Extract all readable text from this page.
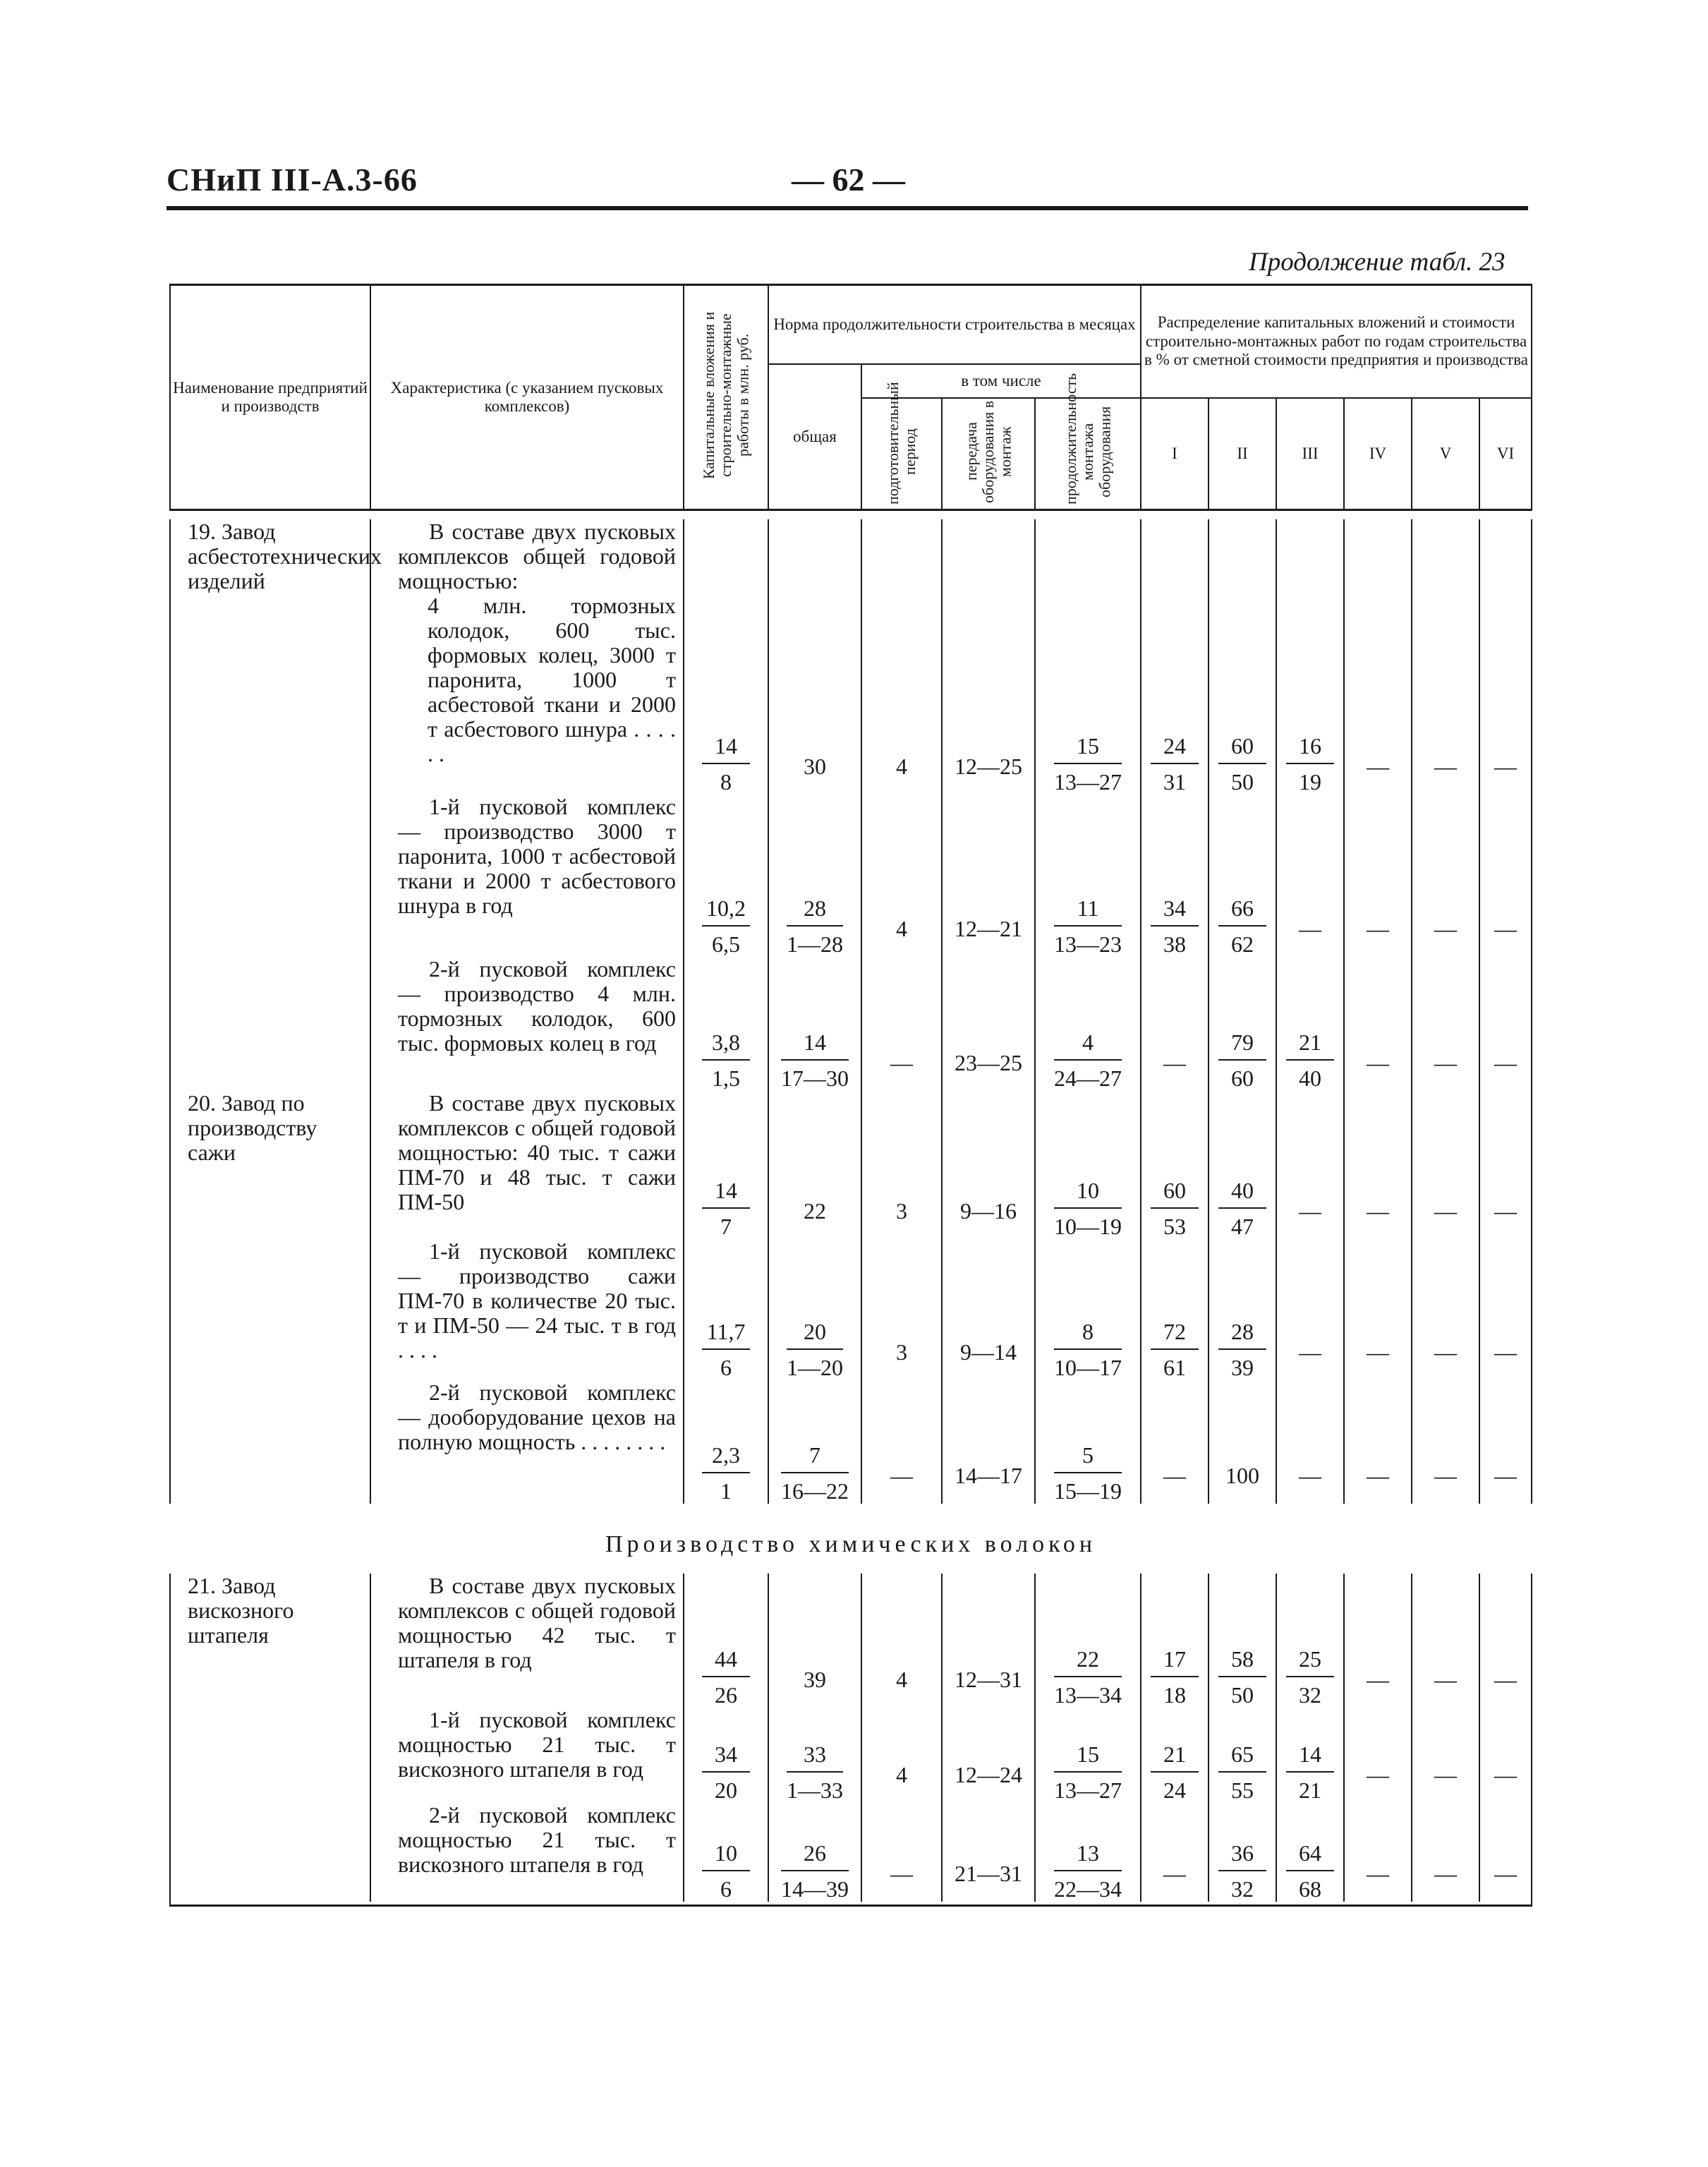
СНиП III-А.3-66	— 62 —
Продолжение табл. 23
Наименование предприятий и производств	Характеристика (с указанием пусковых комплексов)	Капитальные вложения и строительно-монтажные работы в млн. руб.	Норма продолжительности строительства в месяцах				Распределение капитальных вложений и стоимости строительно-монтажных работ по годам строительства в % от сметной стоимости предприятия и производства					
			общая	в том числе								
				подготовительный период	передача оборудования в монтаж	продолжительность монтажа оборудования	I	II	III	IV	V	VI

19. Завод асбестотехнических изделий	В составе двух пусковых комплексов общей годовой мощностью:
4 млн. тормозных колодок, 600 тыс. формовых колец, 3000 т паронита, 1000 т асбестовой ткани и 2000 т асбестового шнура . . . . . .	$\frac{14}{8}$	30	4	12—25	$\frac{15}{13—27}$	$\frac{24}{31}$	$\frac{60}{50}$	$\frac{16}{19}$	—	—	—

	1-й пусковой комплекс — производство 3000 т паронита, 1000 т асбестовой ткани и 2000 т асбестового шнура в год	$\frac{10,2}{6,5}$	$\frac{28}{1—28}$	4	12—21	$\frac{11}{13—23}$	$\frac{34}{38}$	$\frac{66}{62}$	—	—	—	—

	2-й пусковой комплекс — производство 4 млн. тормозных колодок, 600 тыс. формовых колец в год	$\frac{3,8}{1,5}$	$\frac{14}{17—30}$	—	23—25	$\frac{4}{24—27}$	—	$\frac{79}{60}$	$\frac{21}{40}$	—	—	—

20. Завод по производству сажи	В составе двух пусковых комплексов с общей годовой мощностью: 40 тыс. т сажи ПМ-70 и 48 тыс. т сажи ПМ-50	$\frac{14}{7}$	22	3	9—16	$\frac{10}{10—19}$	$\frac{60}{53}$	$\frac{40}{47}$	—	—	—	—

	1-й пусковой комплекс — производство сажи ПМ-70 в количестве 20 тыс. т и ПМ-50 — 24 тыс. т в год . . . .	$\frac{11,7}{6}$	$\frac{20}{1—20}$	3	9—14	$\frac{8}{10—17}$	$\frac{72}{61}$	$\frac{28}{39}$	—	—	—	—

	2-й пусковой комплекс — дооборудование цехов на полную мощность . . . . . . . .	$\frac{2,3}{1}$	$\frac{7}{16—22}$	—	14—17	$\frac{5}{15—19}$	—	100	—	—	—	—

Производство химических волокон												
21. Завод вискозного штапеля	В составе двух пусковых комплексов с общей годовой мощностью 42 тыс. т штапеля в год	$\frac{44}{26}$	39	4	12—31	$\frac{22}{13—34}$	$\frac{17}{18}$	$\frac{58}{50}$	$\frac{25}{32}$	—	—	—

	1-й пусковой комплекс мощностью 21 тыс. т вискозного штапеля в год	$\frac{34}{20}$	$\frac{33}{1—33}$	4	12—24	$\frac{15}{13—27}$	$\frac{21}{24}$	$\frac{65}{55}$	$\frac{14}{21}$	—	—	—

	2-й пусковой комплекс мощностью 21 тыс. т вискозного штапеля в год	$\frac{10}{6}$	$\frac{26}{14—39}$	—	21—31	$\frac{13}{22—34}$	—	$\frac{36}{32}$	$\frac{64}{68}$	—	—	—
